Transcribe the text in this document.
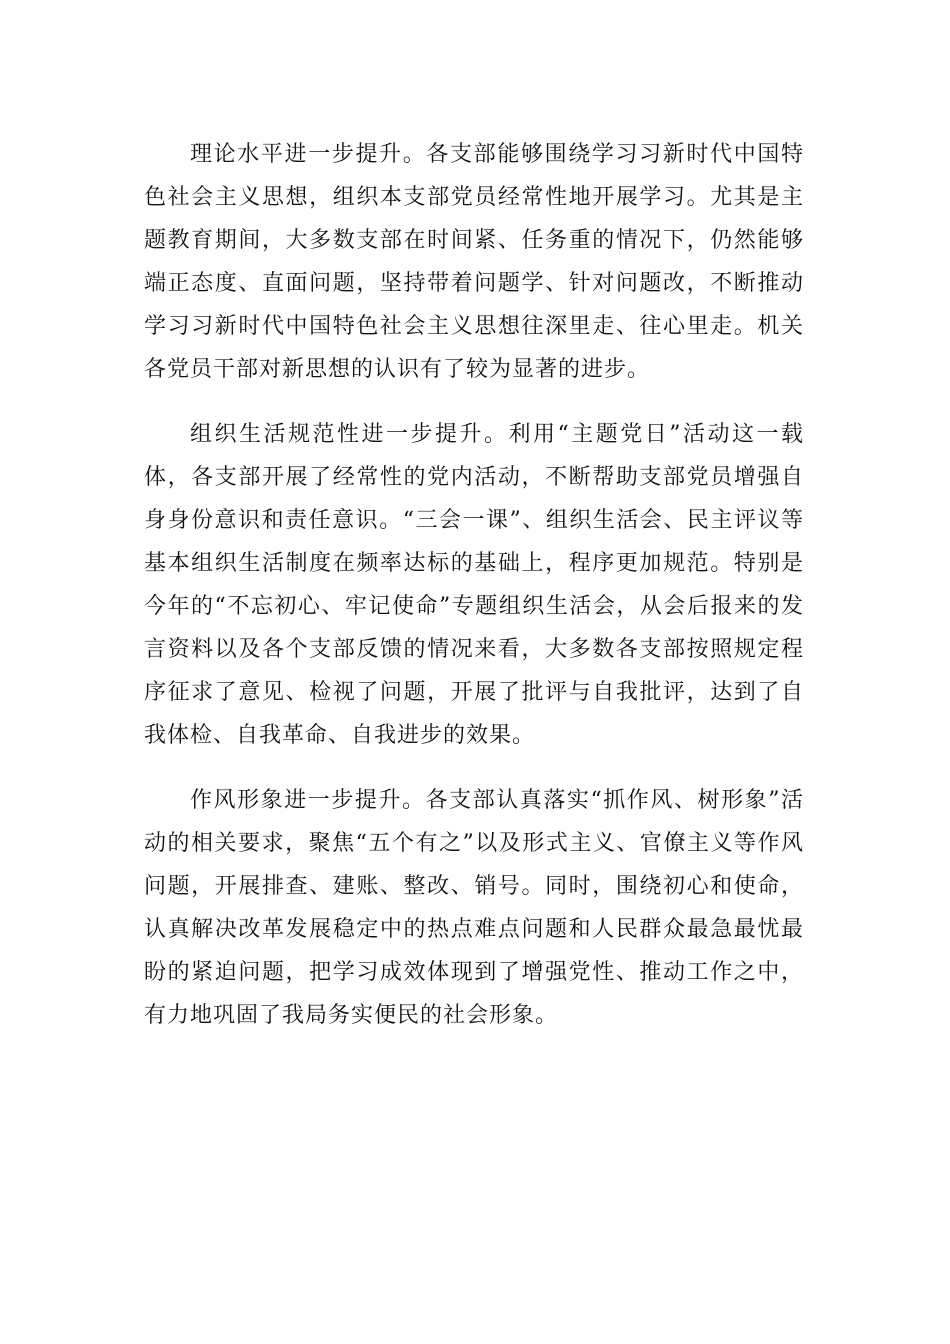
理论水平进一步提升。各支部能够围绕学习习新时代中国特色社会主义思想，组织本支部党员经常性地开展学习。尤其是主题教育期间，大多数支部在时间紧、任务重的情况下，仍然能够端正态度、直面问题，坚持带着问题学、针对问题改，不断推动学习习新时代中国特色社会主义思想往深里走、往心里走。机关各党员干部对新思想的认识有了较为显著的进步。

组织生活规范性进一步提升。利用“主题党日”活动这一载体，各支部开展了经常性的党内活动，不断帮助支部党员增强自身身份意识和责任意识。“三会一课”、组织生活会、民主评议等基本组织生活制度在频率达标的基础上，程序更加规范。特别是今年的“不忘初心、牢记使命”专题组织生活会，从会后报来的发言资料以及各个支部反馈的情况来看，大多数各支部按照规定程序征求了意见、检视了问题，开展了批评与自我批评，达到了自我体检、自我革命、自我进步的效果。

作风形象进一步提升。各支部认真落实“抓作风、树形象”活动的相关要求，聚焦“五个有之”以及形式主义、官僚主义等作风问题，开展排查、建账、整改、销号。同时，围绕初心和使命，认真解决改革发展稳定中的热点难点问题和人民群众最急最忧最盼的紧迫问题，把学习成效体现到了增强党性、推动工作之中，有力地巩固了我局务实便民的社会形象。
